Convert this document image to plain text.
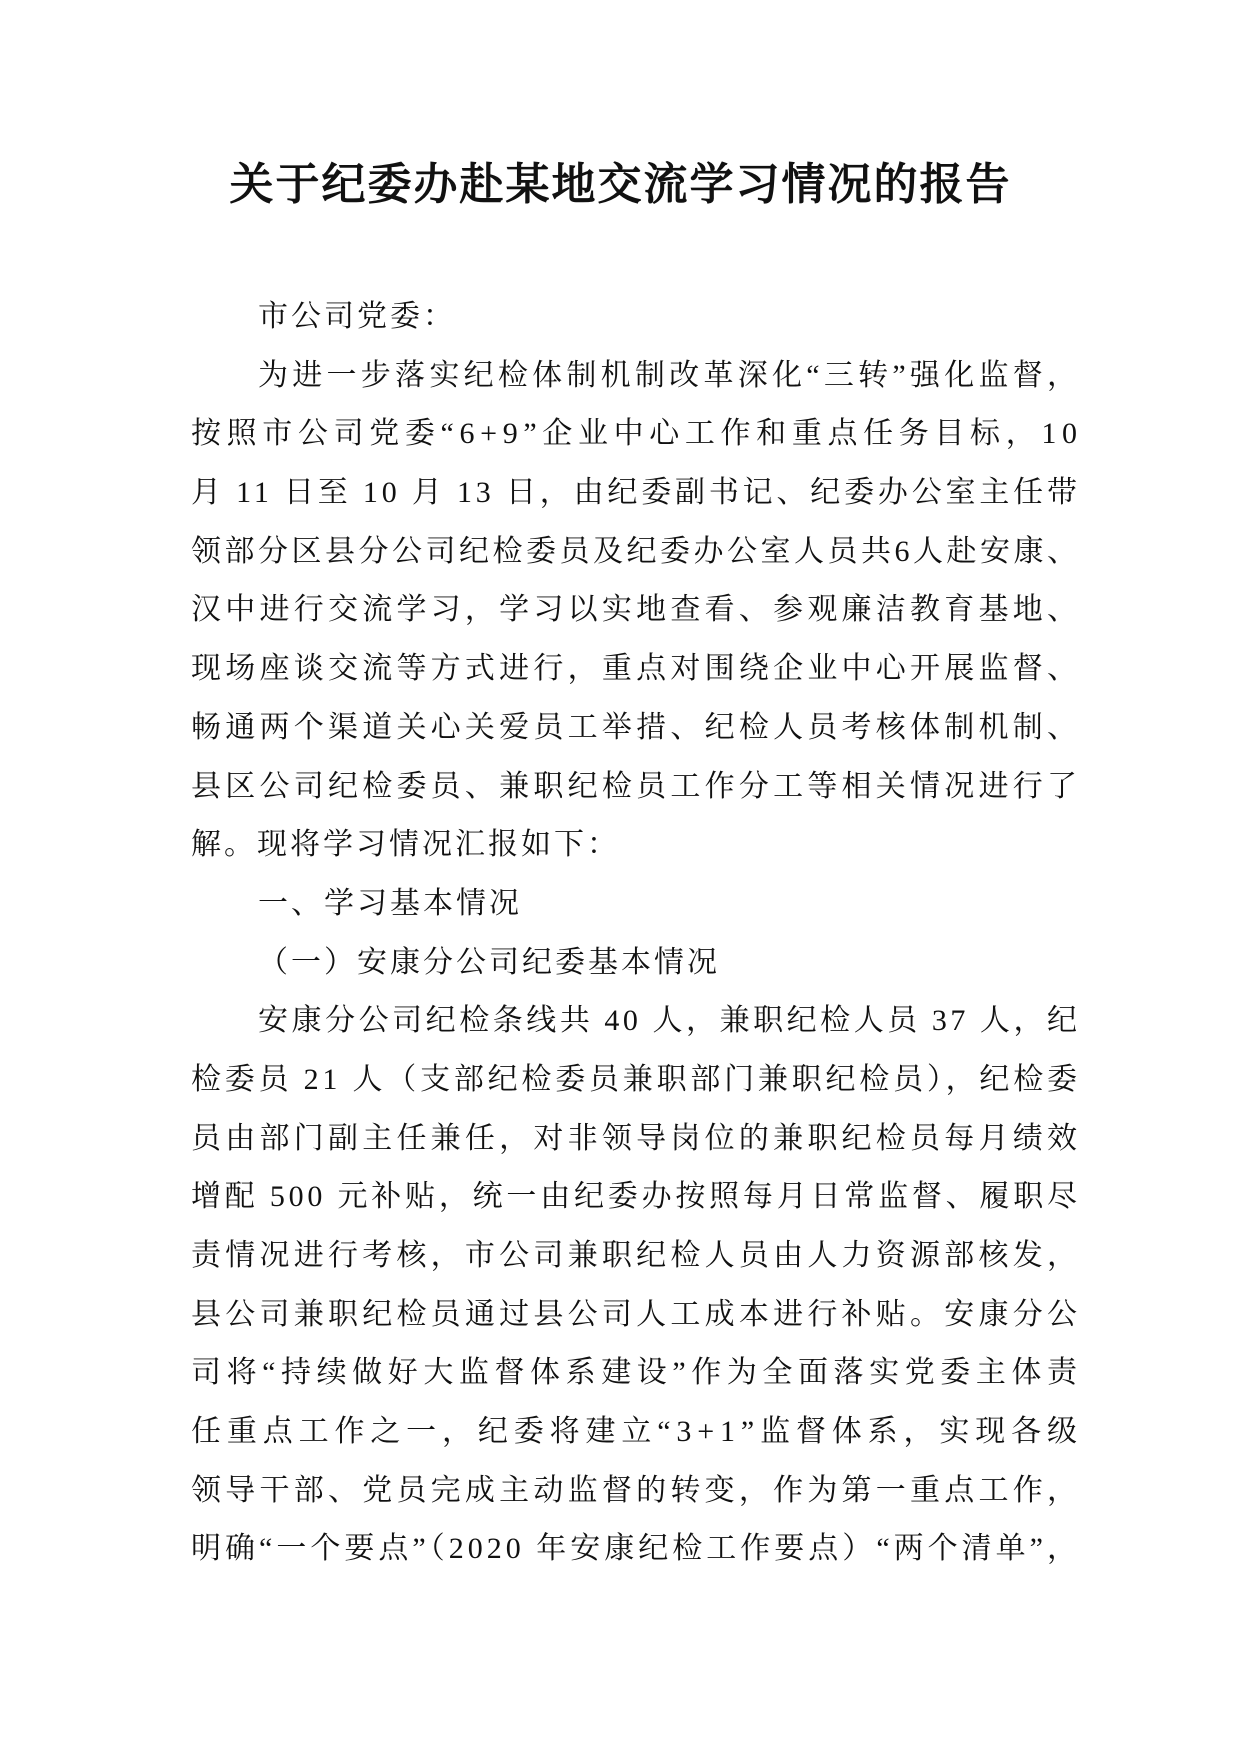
关于纪委办赴某地交流学习情况的报告
市公司党委：
为进一步落实纪检体制机制改革深化“三转”强化监督，
按照市公司党委“6+9”企业中心工作和重点任务目标，10
月 11 日至 10 月 13 日，由纪委副书记、纪委办公室主任带
领部分区县分公司纪检委员及纪委办公室人员共6人赴安康、
汉中进行交流学习，学习以实地查看、参观廉洁教育基地、
现场座谈交流等方式进行，重点对围绕企业中心开展监督、
畅通两个渠道关心关爱员工举措、纪检人员考核体制机制、
县区公司纪检委员、兼职纪检员工作分工等相关情况进行了
解。现将学习情况汇报如下：
一、学习基本情况
（一）安康分公司纪委基本情况
安康分公司纪检条线共 40 人，兼职纪检人员 37 人，纪
检委员 21 人（支部纪检委员兼职部门兼职纪检员），纪检委
员由部门副主任兼任，对非领导岗位的兼职纪检员每月绩效
增配 500 元补贴，统一由纪委办按照每月日常监督、履职尽
责情况进行考核，市公司兼职纪检人员由人力资源部核发，
县公司兼职纪检员通过县公司人工成本进行补贴。安康分公
司将“持续做好大监督体系建设”作为全面落实党委主体责
任重点工作之一，纪委将建立“3+1”监督体系，实现各级
领导干部、党员完成主动监督的转变，作为第一重点工作，
明确“一个要点”（2020 年安康纪检工作要点）“两个清单”，
